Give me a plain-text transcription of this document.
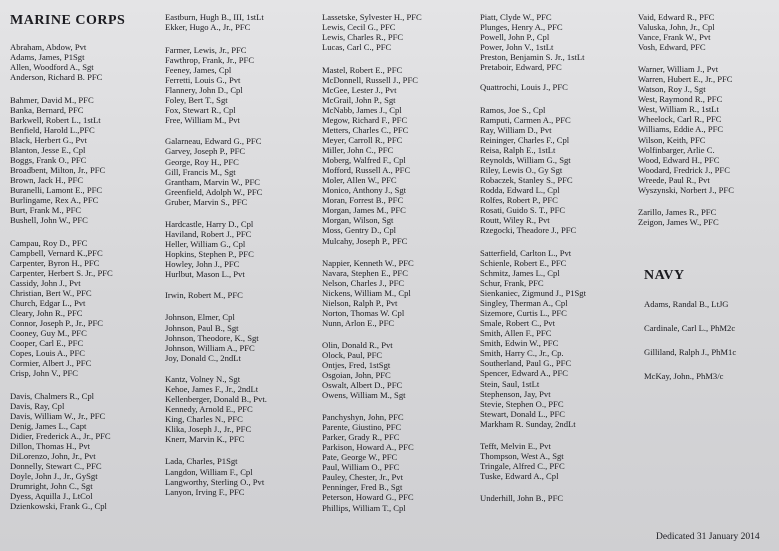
MARINE CORPS
Abraham, Abdow, Pvt
Adams, James, P1Sgt
Allen, Woodford A., Sgt
Anderson, Richard B. PFC
Bahmer, David M., PFC
Banka, Bernard, PFC
Barkwell, Robert L., 1stLt
Benfield, Harold L.,PFC
Black, Herbert G., Pvt
Blanton, Jesse E., Cpl
Boggs, Frank O., PFC
Broadbent, Milton, Jr., PFC
Brown, Jack H., PFC
Buranelli, Lamont E., PFC
Burlingame, Rex A., PFC
Burt, Frank M., PFC
Bushell, John W., PFC
Campau, Roy D., PFC
Campbell, Vernard K.,PFC
Carpenter, Byron H., PFC
Carpenter, Herbert S. Jr., PFC
Cassidy, John J., Pvt
Christian, Bert W., PFC
Church, Edgar L., Pvt
Cleary, John R., PFC
Connor, Joseph P., Jr., PFC
Cooney, Guy M., PFC
Cooper, Carl E., PFC
Copes, Louis A., PFC
Cormier, Albert J., PFC
Crisp, John V., PFC
Davis, Chalmers R., Cpl
Davis, Ray, Cpl
Davis, William W., Jr., PFC
Denig, James L., Capt
Didier, Frederick A., Jr., PFC
Dillon, Thomas H., Pvt
DiLorenzo, John, Jr., Pvt
Donnelly, Stewart C., PFC
Doyle, John J., Jr., GySgt
Drumright, John C., Sgt
Dyess, Aquilla J., LtCol
Dzienkowski, Frank G., Cpl
Eastburn, Hugh B., III, 1stLt
Ekker, Hugo A., Jr., PFC
Farmer, Lewis, Jr., PFC
Fawthrop, Frank, Jr., PFC
Feeney, James, Cpl
Ferretti, Louis G., Pvt
Flannery, John D., Cpl
Foley, Bert T., Sgt
Fox, Stewart R., Cpl
Free, William M., Pvt
Galarneau, Edward G., PFC
Garvey, Joseph P., PFC
George, Roy H., PFC
Gill, Francis M., Sgt
Grantham, Marvin W., PFC
Greenfield, Adolph W., PFC
Gruber, Marvin S., PFC
Hardcastle, Harry D., Cpl
Haviland, Robert J., PFC
Heller, William G., Cpl
Hopkins, Stephen P., PFC
Howley, John J., PFC
Hurlbut, Mason L., Pvt
Irwin, Robert M., PFC
Johnson, Elmer, Cpl
Johnson, Paul B., Sgt
Johnson, Theodore, K., Sgt
Johnson, William A., PFC
Joy, Donald C., 2ndLt
Kantz, Volney N., Sgt
Kehoe, James F., Jr., 2ndLt
Kellenberger, Donald B., Pvt.
Kennedy, Arnold E., PFC
King, Charles N., PFC
Klika, Joseph J., Jr., PFC
Knerr, Marvin K., PFC
Lada, Charles, P1Sgt
Langdon, William F., Cpl
Langworthy, Sterling O., Pvt
Lanyon, Irving F., PFC
Lassetske, Sylvester H., PFC
Lewis, Cecil G., PFC
Lewis, Charles R., PFC
Lucas, Carl C., PFC
Mastel, Robert E., PFC
McDonnell, Russell J., PFC
McGee, Lester J., Pvt
McGrail, John P., Sgt
McNabb, James J., Cpl
Megow, Richard F., PFC
Metters, Charles C., PFC
Meyer, Carroll R., PFC
Miller, John C., PFC
Moberg, Walfred F., Cpl
Mofford, Russell A., PFC
Moler, Allen W., PFC
Monico, Anthony J., Sgt
Moran, Forrest B., PFC
Morgan, James M., PFC
Morgan, Wilson, Sgt
Moss, Gentry D., Cpl
Mulcahy, Joseph P., PFC
Nappier, Kenneth W., PFC
Navara, Stephen E., PFC
Nelson, Charles J., PFC
Nickens, William M., Cpl
Nielson, Ralph P., Pvt
Norton, Thomas W. Cpl
Nunn, Arlon E., PFC
Olin, Donald R., Pvt
Olock, Paul, PFC
Ontjes, Fred, 1stSgt
Osgoian, John, PFC
Oswalt, Albert D., PFC
Owens, William M., Sgt
Panchyshyn, John, PFC
Parente, Giustino, PFC
Parker, Grady R., PFC
Parkison, Howard A., PFC
Pate, George W., PFC
Paul, William O., PFC
Pauley, Chester, Jr., Pvt
Penninger, Fred B., Sgt
Peterson, Howard G., PFC
Phillips, William T., Cpl
Piatt, Clyde W., PFC
Plunges, Henry A., PFC
Powell, John P., Cpl
Power, John V., 1stLt
Preston, Benjamin S. Jr., 1stLt
Pretaboir, Edward, PFC
Quattrochi, Louis J., PFC
Ramos, Joe S., Cpl
Ramputi, Carmen A., PFC
Ray, William D., Pvt
Reininger, Charles F., Cpl
Reisa, Ralph E., 1stLt
Reynolds, William G., Sgt
Riley, Lewis O., Gy Sgt
Robaczek, Stanley S., PFC
Rodda, Edward L., Cpl
Rolfes, Robert P., PFC
Rosati, Guido S. T., PFC
Routt, Wiley R., Pvt
Rzegocki, Theadore J., PFC
Satterfield, Carlton L., Pvt
Schienle, Robert E., PFC
Schmitz, James L., Cpl
Schur, Frank, PFC
Sienkaniec, Zigmund J., P1Sgt
Singley, Therman A., Cpl
Sizemore, Curtis L., PFC
Smale, Robert C., Pvt
Smith, Allen F., PFC
Smith, Edwin W., PFC
Smith, Harry C., Jr., Cp.
Southerland, Paul G., PFC
Spencer, Edward A., PFC
Stein, Saul, 1stLt
Stephenson, Jay, Pvt
Stevie, Stephen O., PFC
Stewart, Donald L., PFC
Markham R. Sunday, 2ndLt
Tefft, Melvin E., Pvt
Thompson, West A., Sgt
Tringale, Alfred C., PFC
Tuske, Edward A., Cpl
Underhill, John B., PFC
Vaid, Edward R., PFC
Valuska, John, Jr., Cpl
Vance, Frank W., Pvt
Vosh, Edward, PFC
Warner, William J., Pvt
Warren, Hubert E., Jr., PFC
Watson, Roy J., Sgt
West, Raymond R., PFC
West, William R., 1stLt
Wheelock, Carl R., PFC
Williams, Eddie A., PFC
Wilson, Keith, PFC
Wolfinbarger, Arlie C.
Wood, Edward H., PFC
Woodard, Fredrick J., PFC
Wreede, Paul R., Pvt
Wyszynski, Norbert J., PFC
Zarillo, James R., PFC
Zeigon, James W., PFC
NAVY
Adams, Randal B., LtJG
Cardinale, Carl L., PhM2c
Gilliland, Ralph J., PhM1c
McKay, John., PhM3/c
Dedicated 31 January 2014
